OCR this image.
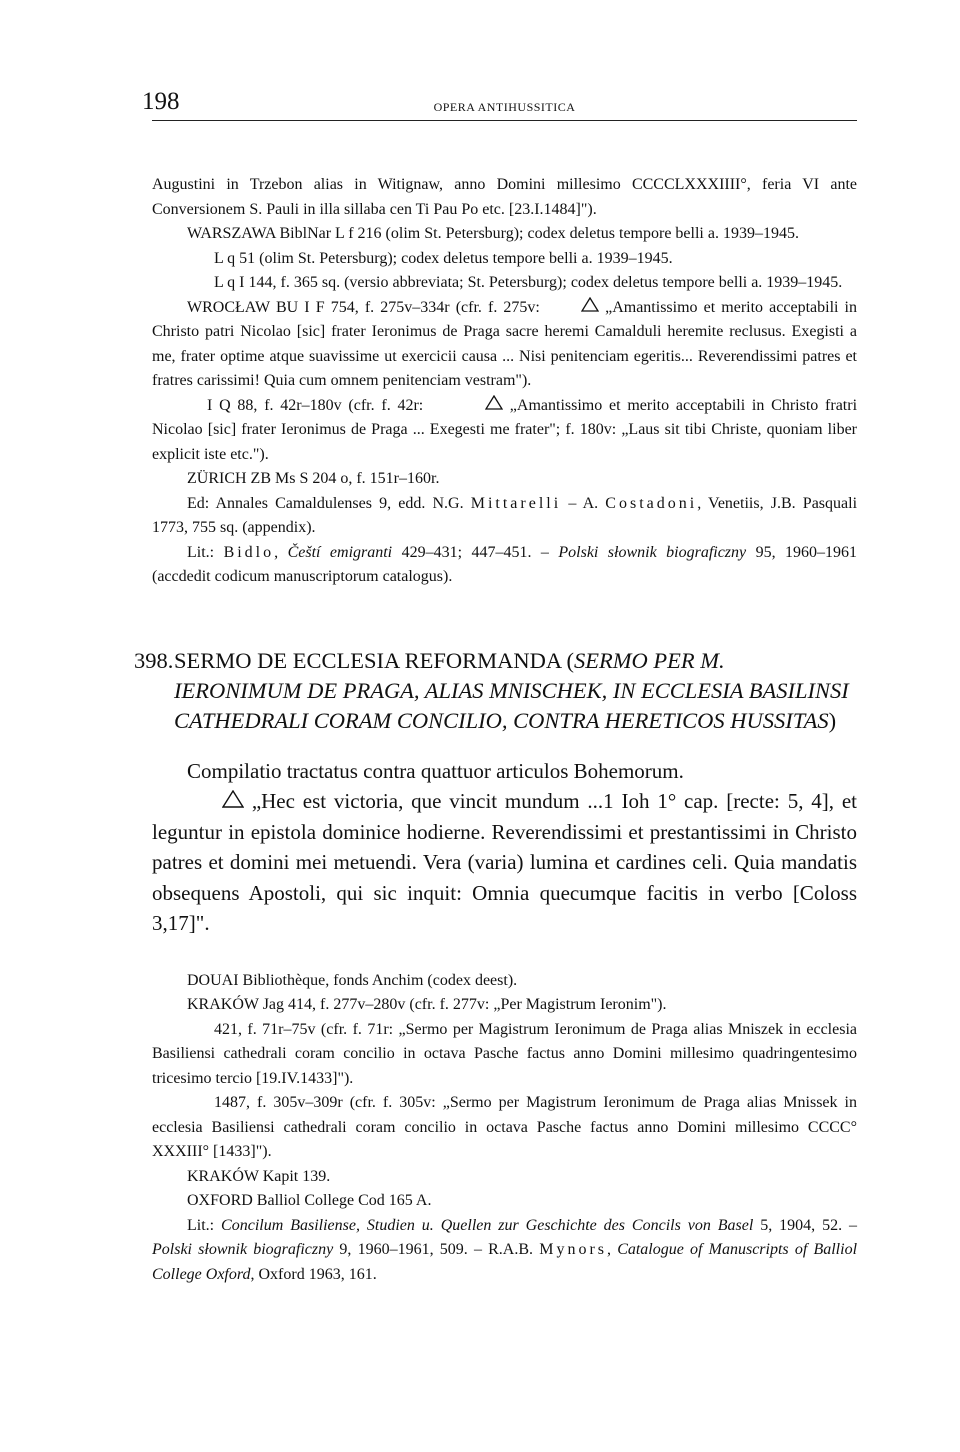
198	OPERA ANTIHUSSITICA

Augustini in Trzebon alias in Witignaw, anno Domini millesimo CCCCLXXXIIII°, feria VI ante Conversionem S. Pauli in illa sillaba cen Ti Pau Po etc. [23.I.1484]").

WARSZAWA BiblNar L f 216 (olim St. Petersburg); codex deletus tempore belli a. 1939–1945.

L q 51 (olim St. Petersburg); codex deletus tempore belli a. 1939–1945.

L q I 144, f. 365 sq. (versio abbreviata; St. Petersburg); codex deletus tempore belli a. 1939–1945.

WROCŁAW BU I F 754, f. 275v–334r (cfr. f. 275v:	„Amantissimo et merito acceptabili in Christo patri Nicolao [sic] frater Ieronimus de Praga sacre heremi Camalduli heremite reclusus. Exegisti a me, frater optime atque suavissime ut exercicii causa ... Nisi penitenciam egeritis... Reverendissimi patres et fratres carissimi! Quia cum omnem penitenciam vestram").

I Q 88, f. 42r–180v (cfr. f. 42r:	„Amantissimo et merito acceptabili in Christo fratri Nicolao [sic] frater Ieronimus de Praga ... Exegesti me frater"; f. 180v: „Laus sit tibi Christe, quoniam liber explicit iste etc.").

ZÜRICH ZB Ms S 204 o, f. 151r–160r.

Ed: Annales Camaldulenses 9, edd. N.G. Mittarelli – A. Costadoni, Venetiis, J.B. Pasquali 1773, 755 sq. (appendix).

Lit.: Bidlo, Čeští emigranti 429–431; 447–451. – Polski słownik biograficzny 95, 1960–1961 (accdedit codicum manuscriptorum catalogus).

398. SERMO DE ECCLESIA REFORMANDA (SERMO PER M. IERONIMUM DE PRAGA, ALIAS MNISCHEK, IN ECCLESIA BASILINSI CATHEDRALI CORAM CONCILIO, CONTRA HERETICOS HUSSITAS)

Compilatio tractatus contra quattuor articulos Bohemorum.

„Hec est victoria, que vincit mundum ...1 Ioh 1° cap. [recte: 5, 4], et leguntur in epistola dominice hodierne. Reverendissimi et prestantissimi in Christo patres et domini mei metuendi. Vera (varia) lumina et cardines celi. Quia mandatis obsequens Apostoli, qui sic inquit: Omnia quecumque facitis in verbo [Coloss 3,17]".

DOUAI Bibliothèque, fonds Anchim (codex deest).

KRAKÓW Jag 414, f. 277v–280v (cfr. f. 277v: „Per Magistrum Ieronim").

421, f. 71r–75v (cfr. f. 71r: „Sermo per Magistrum Ieronimum de Praga alias Mniszek in ecclesia Basiliensi cathedrali coram concilio in octava Pasche factus anno Domini millesimo quadringentesimo tricesimo tercio [19.IV.1433]").

1487, f. 305v–309r (cfr. f. 305v: „Sermo per Magistrum Ieronimum de Praga alias Mnissek in ecclesia Basiliensi cathedrali coram concilio in octava Pasche factus anno Domini millesimo CCCC° XXXIII° [1433]").

KRAKÓW Kapit 139.

OXFORD Balliol College Cod 165 A.

Lit.: Concilum Basiliense, Studien u. Quellen zur Geschichte des Concils von Basel 5, 1904, 52. – Polski słownik biograficzny 9, 1960–1961, 509. – R.A.B. Mynors, Catalogue of Manuscripts of Balliol College Oxford, Oxford 1963, 161.
